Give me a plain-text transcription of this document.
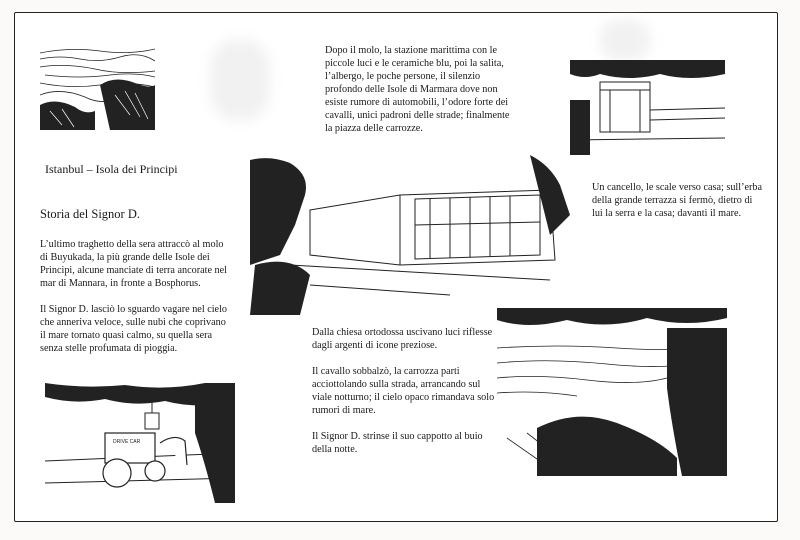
Istanbul – Isola dei Principi
Storia del Signor D.

L’ultimo traghetto della sera attraccò al molo di Buyukada, la più grande delle Isole dei Principi, alcune manciate di terra ancorate nel mar di Mannara, in fronte a Bosphorus.

Il Signor D. lasciò lo sguardo vagare nel cielo che anneriva veloce, sulle nubi che coprivano il mare tornato quasi calmo, su quella sera senza stelle profumata di pioggia.

DRIVE CAR

Dopo il molo, la stazione marittima con le piccole luci e le ceramiche blu, poi la salita, l’albergo, le poche persone, il silenzio profondo delle Isole di Marmara dove non esiste rumore di automobili, l’odore forte dei cavalli, unici padroni delle strade; finalmente la piazza delle carrozze.

Un cancello, le scale verso casa; sull’erba della grande terrazza si fermò, dietro di lui la serra e la casa; davanti il mare.

Dalla chiesa ortodossa uscivano luci riflesse dagli argenti di icone preziose.

Il cavallo sobbalzò, la carrozza parti acciottolando sulla strada, arrancando sul viale notturno; il cielo opaco rimandava solo rumori di mare.

Il Signor D. strinse il suo cappotto al buio della notte.
